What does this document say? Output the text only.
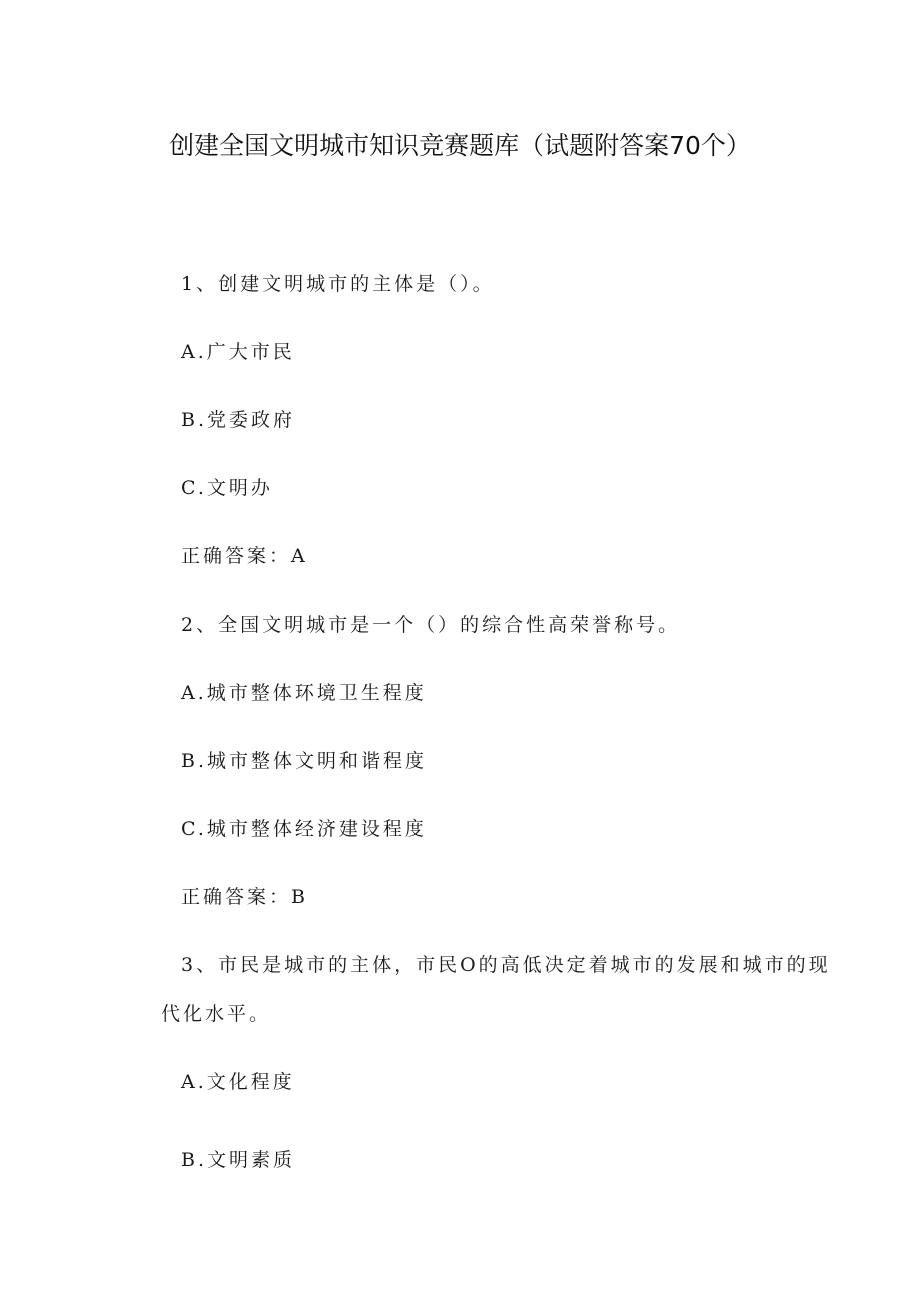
创建全国文明城市知识竞赛题库（试题附答案70个）
1、创建文明城市的主体是（）。
A.广大市民
B.党委政府
C.文明办
正确答案：A
2、全国文明城市是一个（）的综合性高荣誉称号。
A.城市整体环境卫生程度
B.城市整体文明和谐程度
C.城市整体经济建设程度
正确答案：B
3、市民是城市的主体，市民O的高低决定着城市的发展和城市的现
代化水平。
A.文化程度
B.文明素质
